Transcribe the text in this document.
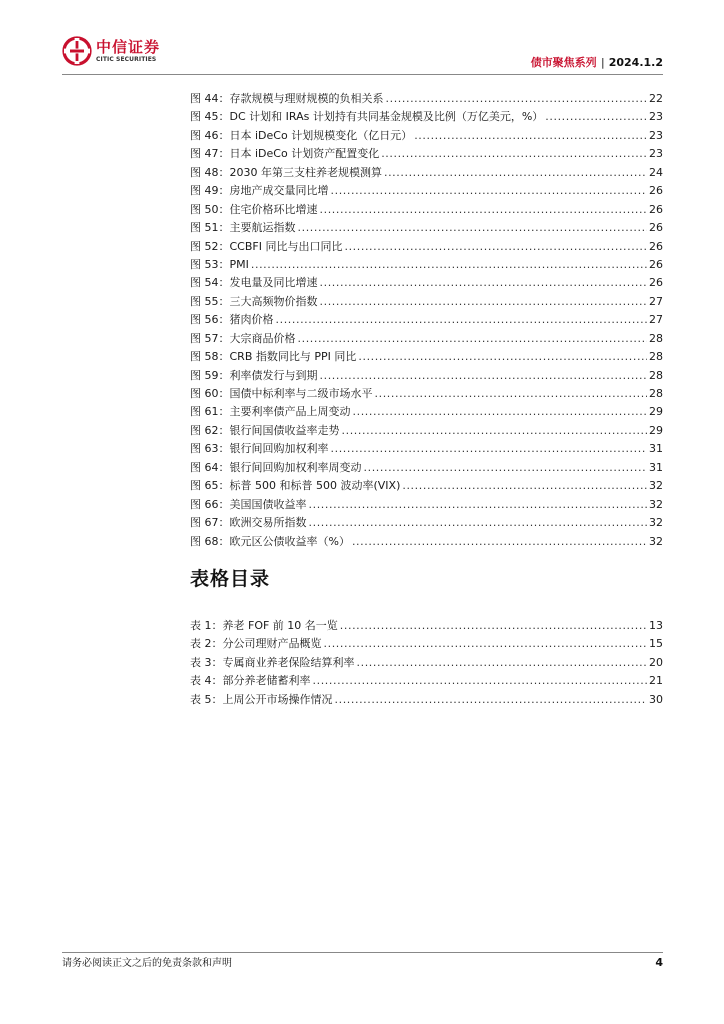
中信证券
CITIC SECURITIES	债市聚焦系列 | 2024.1.2
图 44：存款规模与理财规模的负相关系 .....	22
图 45：DC 计划和 IRAs 计划持有共同基金规模及比例（万亿美元，%） .....	23
图 46：日本 iDeCo 计划规模变化（亿日元） .....	23
图 47：日本 iDeCo 计划资产配置变化 .....	23
图 48：2030 年第三支柱养老规模测算 .....	24
图 49：房地产成交量同比增 .....	26
图 50：住宅价格环比增速 .....	26
图 51：主要航运指数 .....	26
图 52：CCBFI 同比与出口同比 .....	26
图 53：PMI .....	26
图 54：发电量及同比增速 .....	26
图 55：三大高频物价指数 .....	27
图 56：猪肉价格 .....	27
图 57：大宗商品价格 .....	28
图 58：CRB 指数同比与 PPI 同比 .....	28
图 59：利率债发行与到期 .....	28
图 60：国债中标利率与二级市场水平 .....	28
图 61：主要利率债产品上周变动 .....	29
图 62：银行间国债收益率走势 .....	29
图 63：银行间回购加权利率 .....	31
图 64：银行间回购加权利率周变动 .....	31
图 65：标普 500 和标普 500 波动率(VIX) .....	32
图 66：美国国债收益率 .....	32
图 67：欧洲交易所指数 .....	32
图 68：欧元区公债收益率（%） .....	32
表格目录
表 1：养老 FOF 前 10 名一览 .....	13
表 2：分公司理财产品概览 .....	15
表 3：专属商业养老保险结算利率 .....	20
表 4：部分养老储蓄利率 .....	21
表 5：上周公开市场操作情况 .....	30
请务必阅读正文之后的免责条款和声明	4
